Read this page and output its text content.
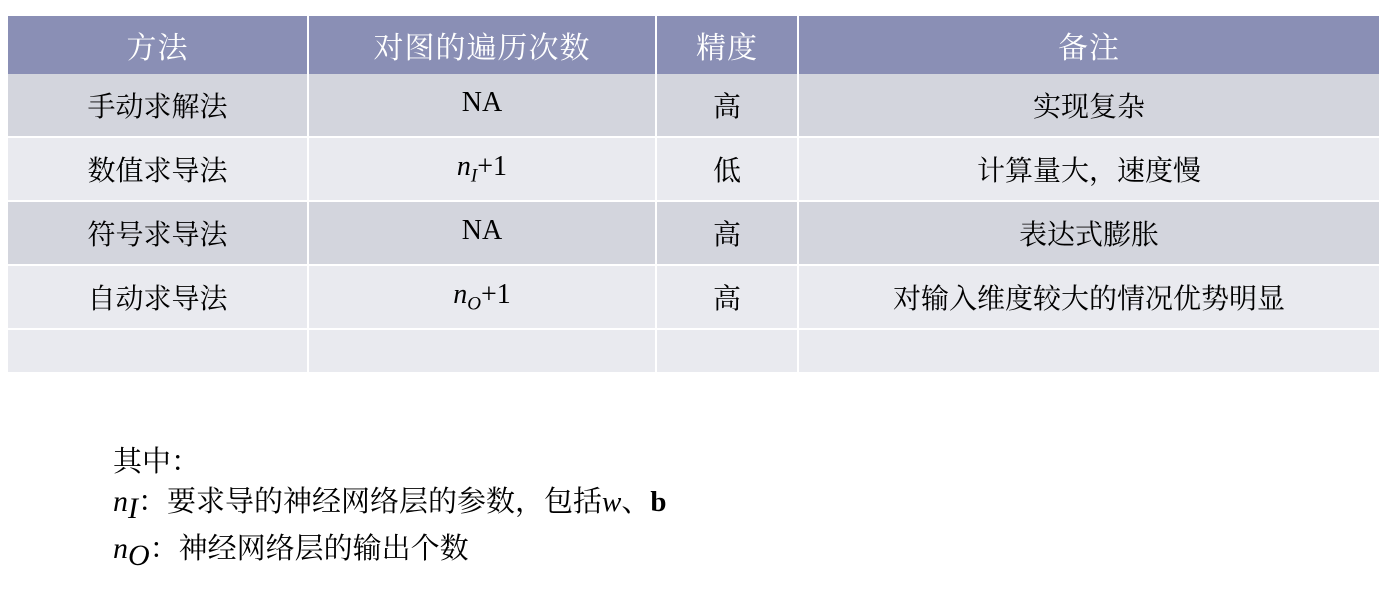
方法	对图的遍历次数	精度	备注
手动求解法	NA	高	实现复杂
数值求导法	$n_I+1$	低	计算量大，速度慢
符号求导法	NA	高	表达式膨胀
自动求导法	$n_O+1$	高	对输入维度较大的情况优势明显

其中：
nI：要求导的神经网络层的参数，包括w、b
nO：神经网络层的输出个数
